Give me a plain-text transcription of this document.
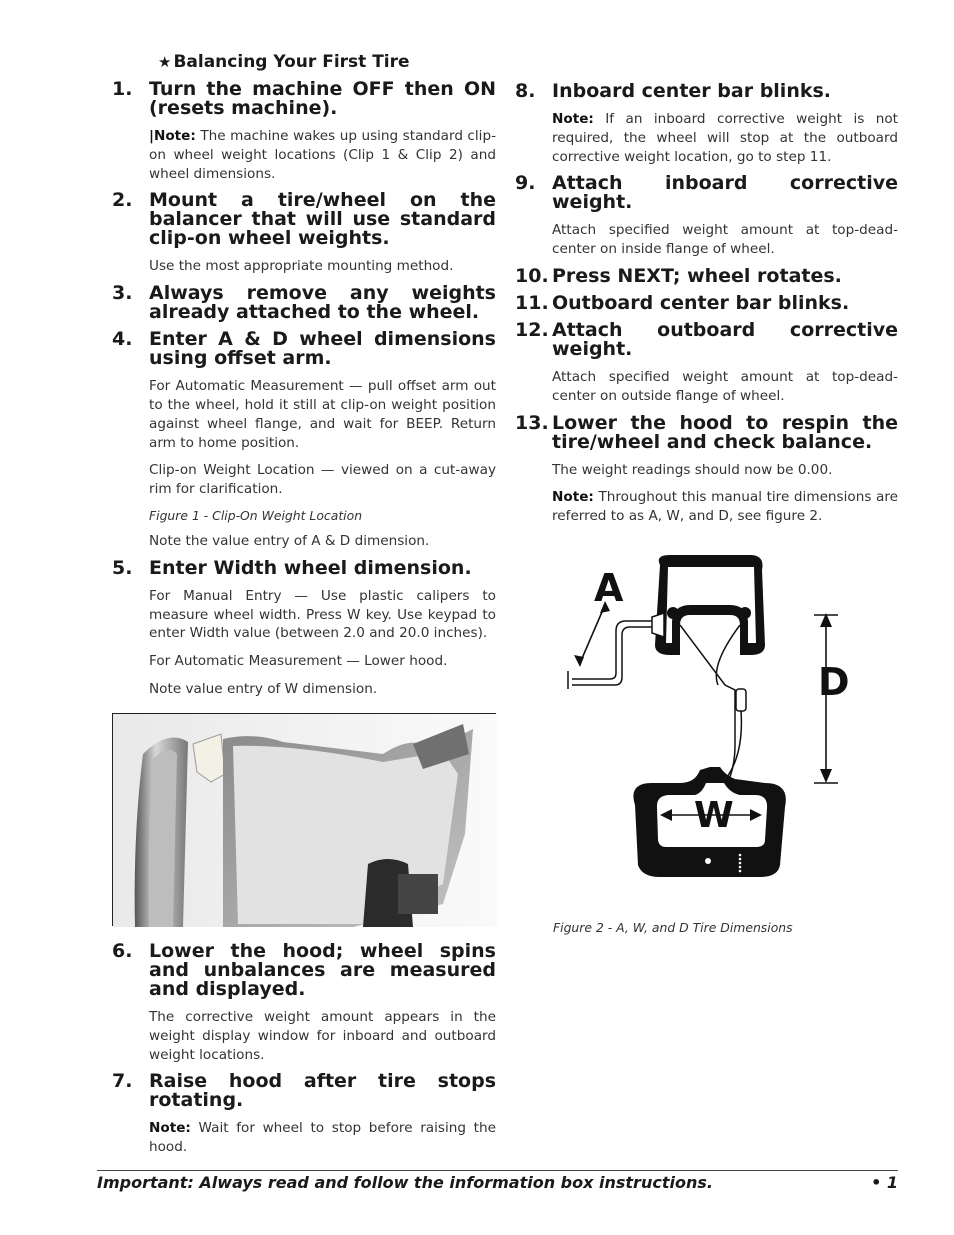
★ Balancing Your First Tire
1. Turn the machine OFF then ON (resets machine).
|Note: The machine wakes up using standard clip-on wheel weight locations (Clip 1 & Clip 2) and wheel dimensions.
2. Mount a tire/wheel on the balancer that will use standard clip-on wheel weights.
Use the most appropriate mounting method.
3. Always remove any weights already attached to the wheel.
4. Enter A & D wheel dimensions using offset arm.
For Automatic Measurement — pull offset arm out to the wheel, hold it still at clip-on weight position against wheel flange, and wait for BEEP. Return arm to home position.
Clip-on Weight Location — viewed on a cut-away rim for clarification.
Figure 1 - Clip-On Weight Location
Note the value entry of A & D dimension.
5. Enter Width wheel dimension.
For Manual Entry — Use plastic calipers to measure wheel width. Press W key. Use keypad to enter Width value (between 2.0 and 20.0 inches).
For Automatic Measurement — Lower hood.
Note value entry of W dimension.
6. Lower the hood; wheel spins and unbalances are measured and displayed.
The corrective weight amount appears in the weight display window for inboard and outboard weight locations.
7. Raise hood after tire stops rotating.
Note: Wait for wheel to stop before raising the hood.
8. Inboard center bar blinks.
Note: If an inboard corrective weight is not required, the wheel will stop at the outboard corrective weight location, go to step 11.
9. Attach inboard corrective weight.
Attach specified weight amount at top-dead-center on inside flange of wheel.
10. Press NEXT; wheel rotates.
11. Outboard center bar blinks.
12. Attach outboard corrective weight.
Attach specified weight amount at top-dead-center on outside flange of wheel.
13. Lower the hood to respin the tire/wheel and check balance.
The weight readings should now be 0.00.
Note: Throughout this manual tire dimensions are referred to as A, W, and D, see figure 2.
A
D
W
Figure 2 - A, W, and D Tire Dimensions
Important: Always read and follow the information box instructions.	• 1
